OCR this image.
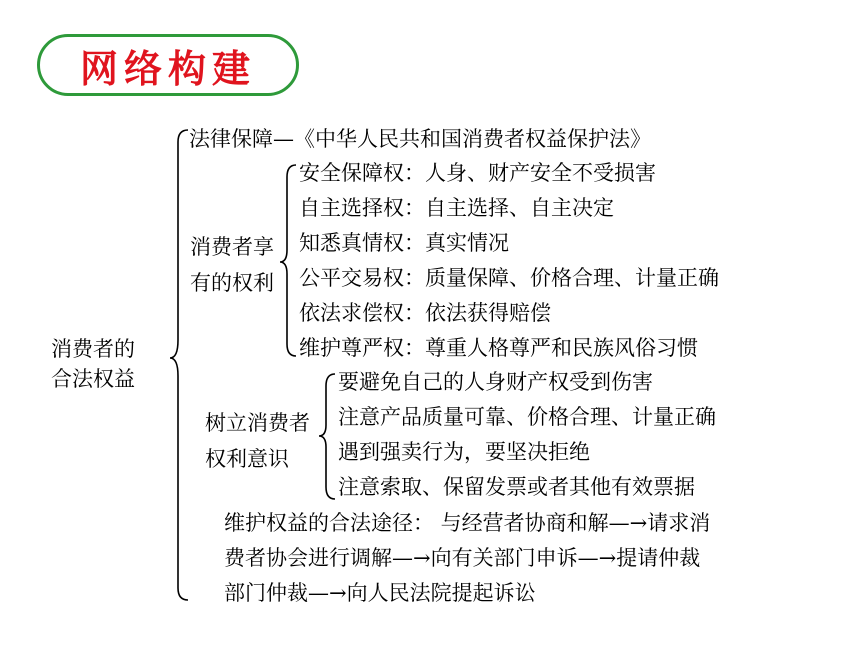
网络构建
消费者的
合法权益
法律保障—《中华人民共和国消费者权益保护法》
消费者享
有的权利
安全保障权：人身、财产安全不受损害
自主选择权：自主选择、自主决定
知悉真情权：真实情况
公平交易权：质量保障、价格合理、计量正确
依法求偿权：依法获得赔偿
维护尊严权：尊重人格尊严和民族风俗习惯
树立消费者
权利意识
要避免自己的人身财产权受到伤害
注意产品质量可靠、价格合理、计量正确
遇到强卖行为，要坚决拒绝
注意索取、保留发票或者其他有效票据
维护权益的合法途径： 与经营者协商和解—→请求消
费者协会进行调解—→向有关部门申诉—→提请仲裁
部门仲裁—→向人民法院提起诉讼
